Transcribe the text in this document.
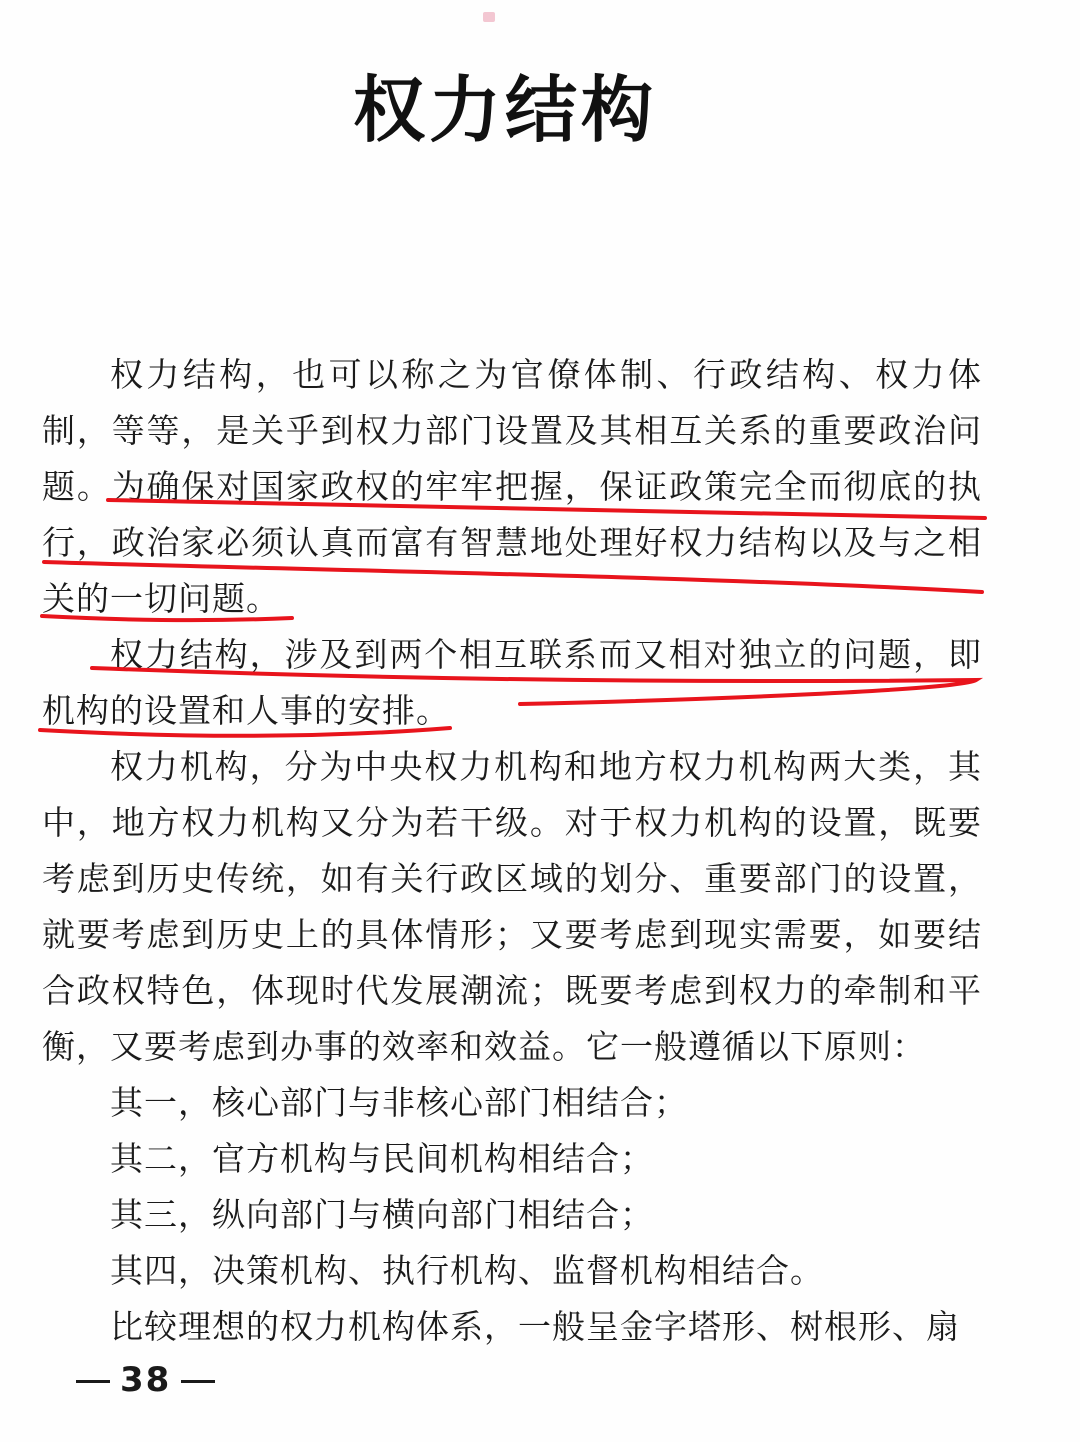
权力结构

权力结构，也可以称之为官僚体制、行政结构、权力体制，等等，是关乎到权力部门设置及其相互关系的重要政治问题。为确保对国家政权的牢牢把握，保证政策完全而彻底的执行，政治家必须认真而富有智慧地处理好权力结构以及与之相关的一切问题。

权力结构，涉及到两个相互联系而又相对独立的问题，即机构的设置和人事的安排。

权力机构，分为中央权力机构和地方权力机构两大类，其中，地方权力机构又分为若干级。对于权力机构的设置，既要考虑到历史传统，如有关行政区域的划分、重要部门的设置，就要考虑到历史上的具体情形；又要考虑到现实需要，如要结合政权特色，体现时代发展潮流；既要考虑到权力的牵制和平衡，又要考虑到办事的效率和效益。它一般遵循以下原则：

其一，核心部门与非核心部门相结合；

其二，官方机构与民间机构相结合；

其三，纵向部门与横向部门相结合；

其四，决策机构、执行机构、监督机构相结合。

比较理想的权力机构体系，一般呈金字塔形、树根形、扇

38
